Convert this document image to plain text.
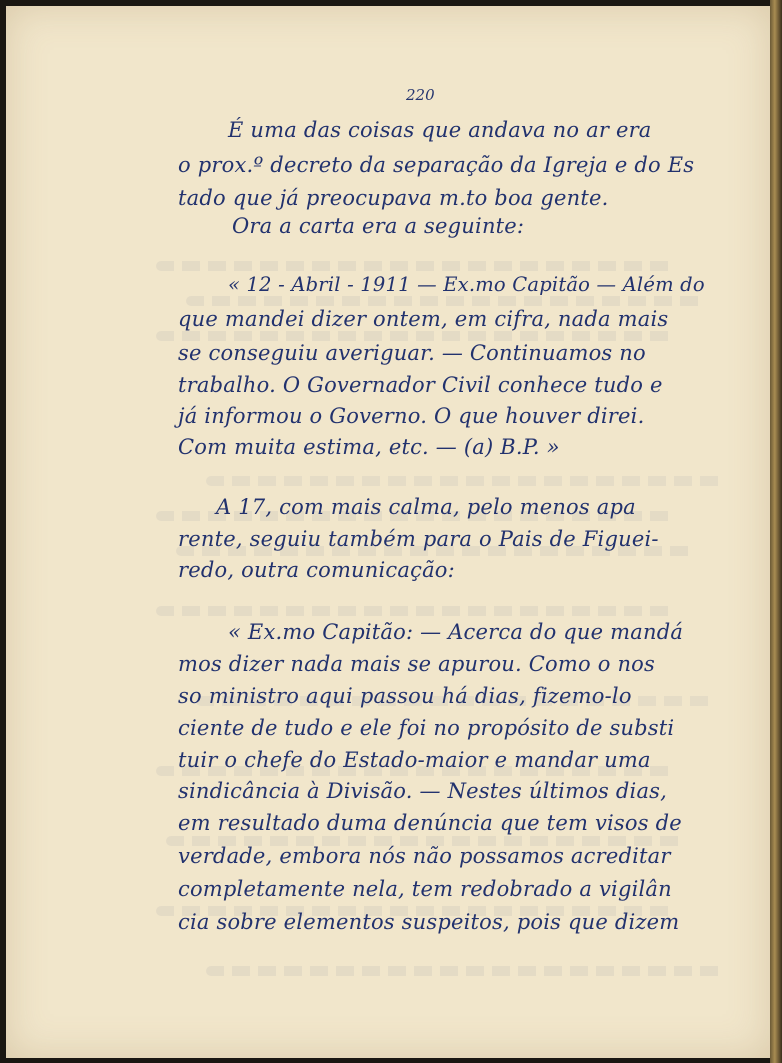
220
É uma das coisas que andava no ar era
o prox.º decreto da separação da Igreja e do Es
tado que já preocupava m.to boa gente.
Ora a carta era a seguinte:
« 12 - Abril - 1911 — Ex.mo Capitão — Além do
que mandei dizer ontem, em cifra, nada mais
se conseguiu averiguar. — Continuamos no
trabalho. O Governador Civil conhece tudo e
já informou o Governo. O que houver direi.
Com muita estima, etc. — (a) B.P. »
A 17, com mais calma, pelo menos apa
rente, seguiu também para o Pais de Figuei-
redo, outra comunicação:
« Ex.mo Capitão: — Acerca do que mandá
mos dizer nada mais se apurou. Como o nos
so ministro aqui passou há dias, fizemo-lo
ciente de tudo e ele foi no propósito de substi
tuir o chefe do Estado-maior e mandar uma
sindicância à Divisão. — Nestes últimos dias,
em resultado duma denúncia que tem visos de
verdade, embora nós não possamos acreditar
completamente nela, tem redobrado a vigilân
cia sobre elementos suspeitos, pois que dizem
